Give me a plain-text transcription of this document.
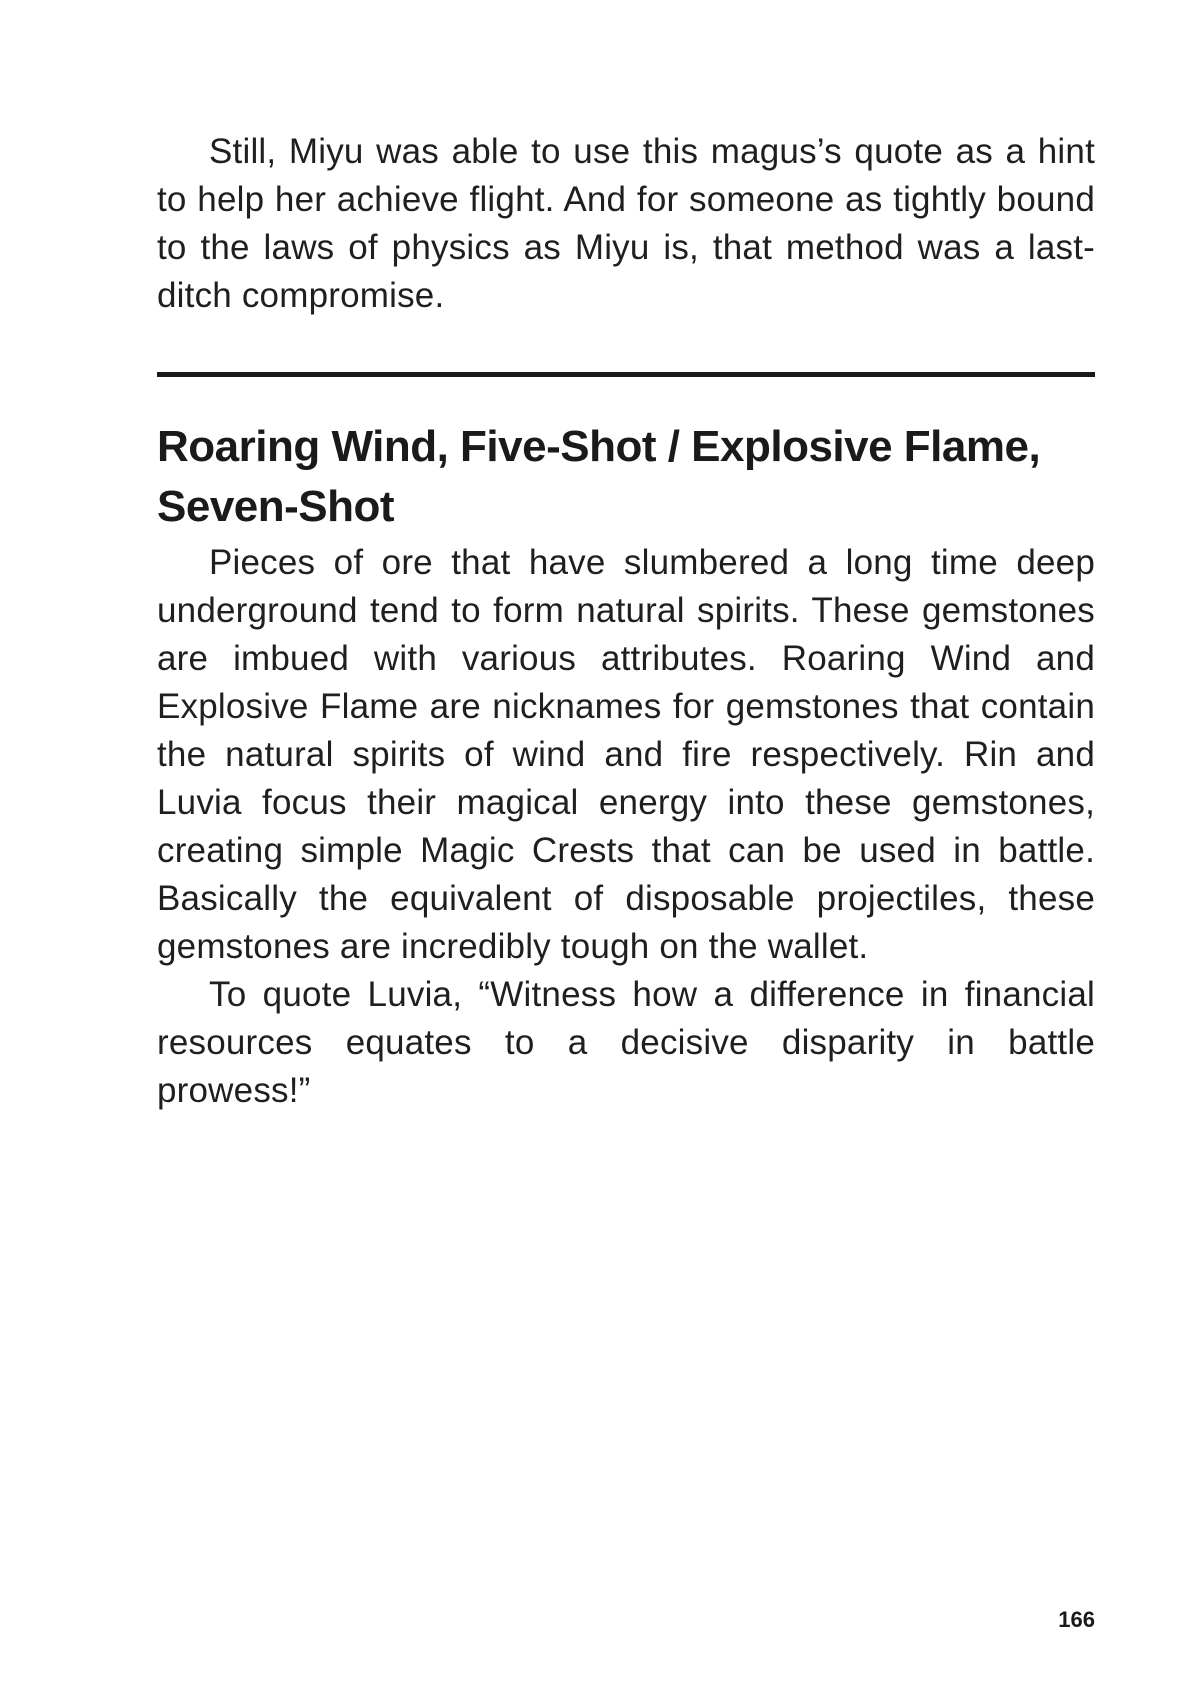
Still, Miyu was able to use this magus’s quote as a hint to help her achieve flight. And for someone as tightly bound to the laws of physics as Miyu is, that method was a last-ditch compromise.

Roaring Wind, Five-Shot / Explosive Flame, Seven-Shot

Pieces of ore that have slumbered a long time deep underground tend to form natural spirits. These gemstones are imbued with various attributes. Roaring Wind and Explosive Flame are nicknames for gemstones that contain the natural spirits of wind and fire respectively. Rin and Luvia focus their magical energy into these gemstones, creating simple Magic Crests that can be used in battle. Basically the equivalent of disposable projectiles, these gemstones are incredibly tough on the wallet.

To quote Luvia, “Witness how a difference in financial resources equates to a decisive disparity in battle prowess!”

166
